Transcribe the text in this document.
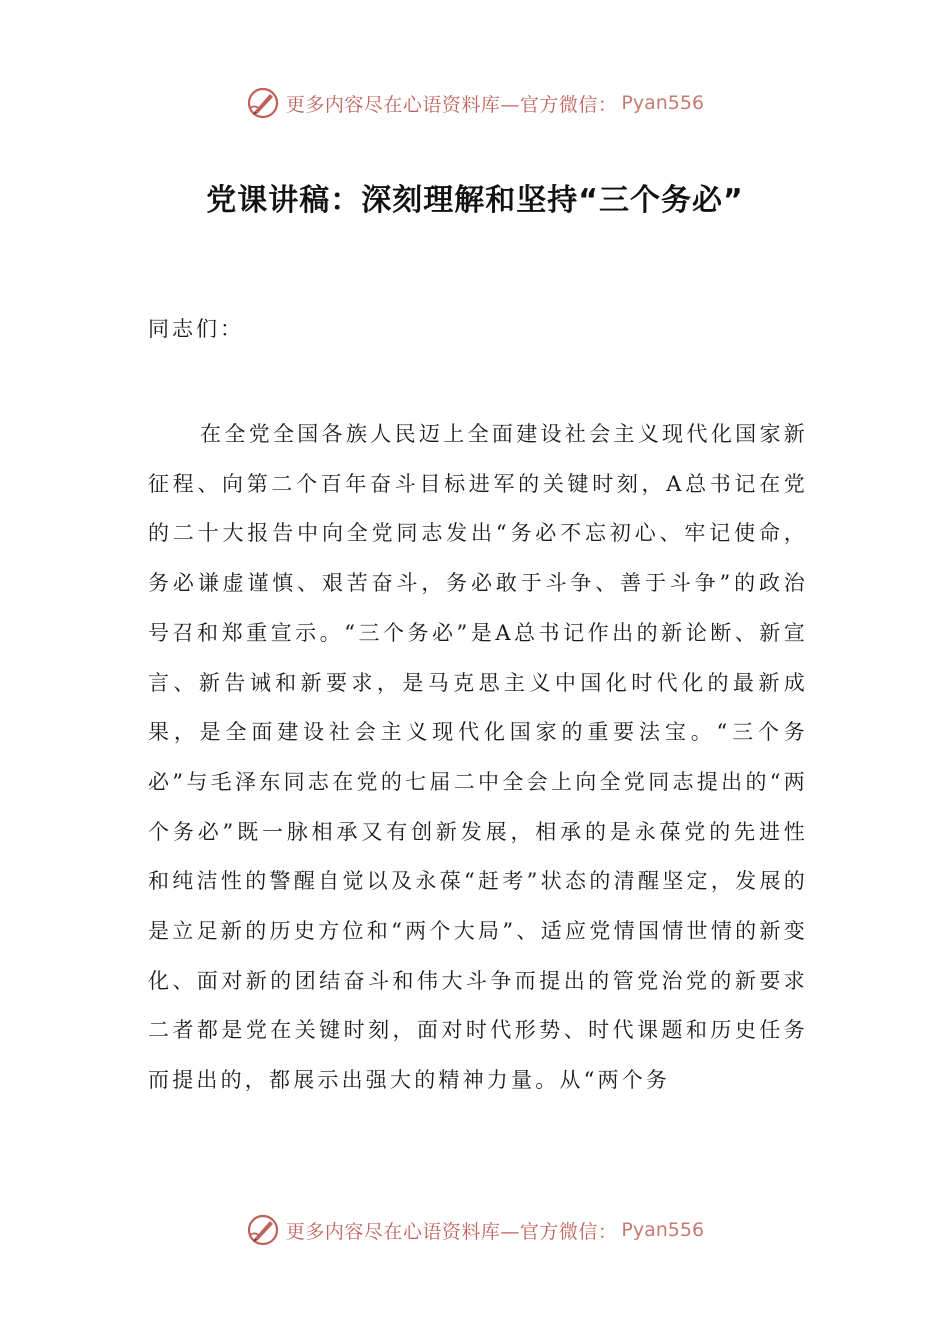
更多内容尽在心语资料库—官方微信： Pyan556
党课讲稿：深刻理解和坚持“三个务必”
同志们：

在全党全国各族人民迈上全面建设社会主义现代化国家新征程、向第二个百年奋斗目标进军的关键时刻，A总书记在党的二十大报告中向全党同志发出“务必不忘初心、牢记使命，务必谦虚谨慎、艰苦奋斗，务必敢于斗争、善于斗争”的政治号召和郑重宣示。“三个务必”是A总书记作出的新论断、新宣言、新告诫和新要求，是马克思主义中国化时代化的最新成果，是全面建设社会主义现代化国家的重要法宝。“三个务必”与毛泽东同志在党的七届二中全会上向全党同志提出的“两个务必”既一脉相承又有创新发展，相承的是永葆党的先进性和纯洁性的警醒自觉以及永葆“赶考”状态的清醒坚定，发展的是立足新的历史方位和“两个大局”、适应党情国情世情的新变化、面对新的团结奋斗和伟大斗争而提出的管党治党的新要求二者都是党在关键时刻，面对时代形势、时代课题和历史任务而提出的，都展示出强大的精神力量。从“两个务

更多内容尽在心语资料库—官方微信： Pyan556
